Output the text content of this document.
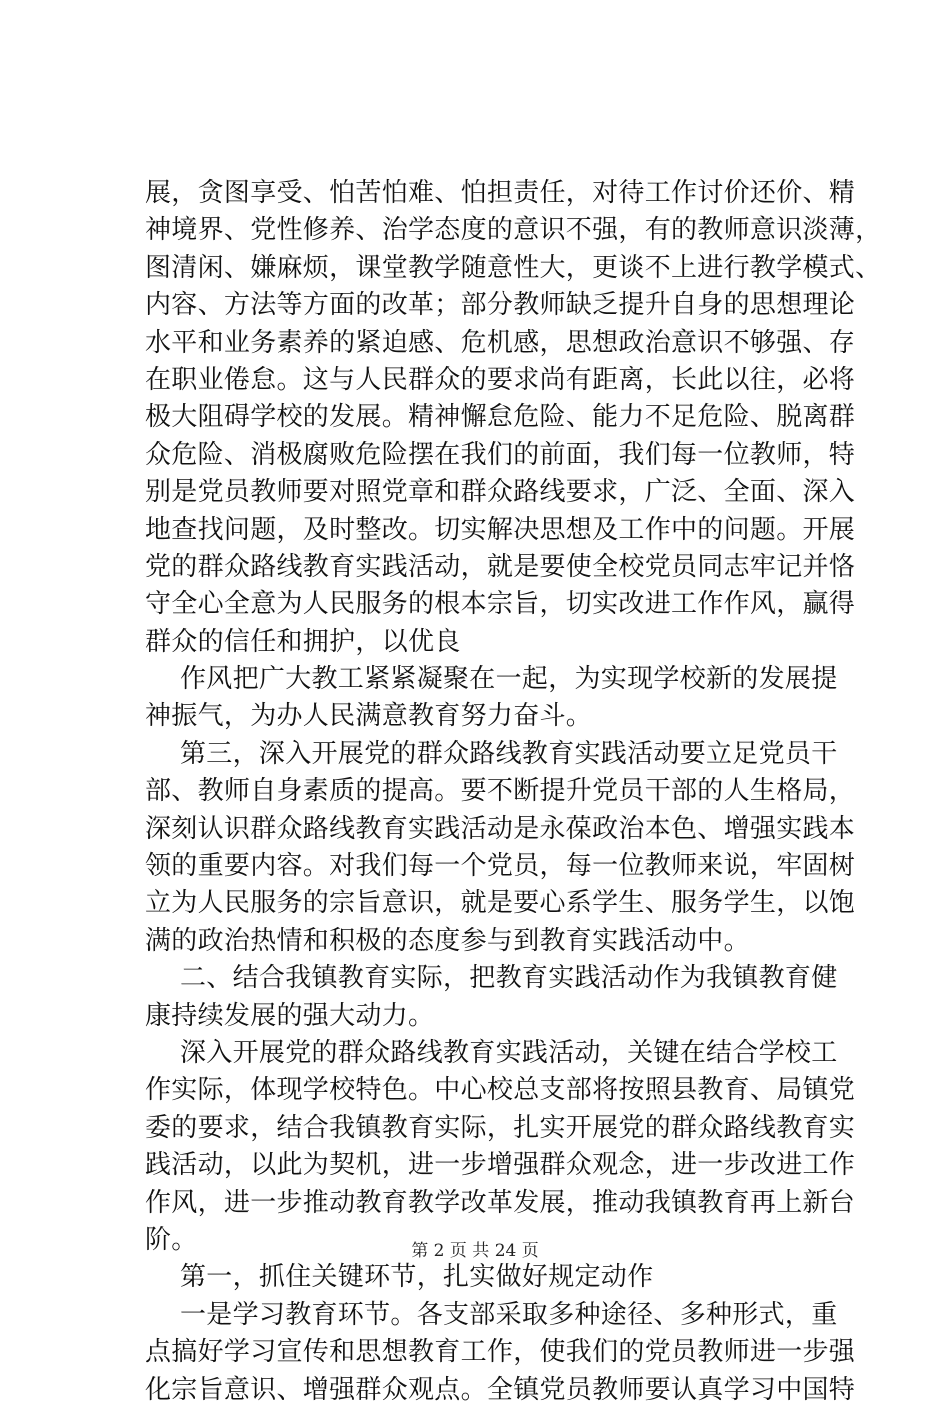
展，贪图享受、怕苦怕难、怕担责任，对待工作讨价还价、精
神境界、党性修养、治学态度的意识不强，有的教师意识淡薄，
图清闲、嫌麻烦，课堂教学随意性大，更谈不上进行教学模式、
内容、方法等方面的改革；部分教师缺乏提升自身的思想理论
水平和业务素养的紧迫感、危机感，思想政治意识不够强、存
在职业倦怠。这与人民群众的要求尚有距离，长此以往，必将
极大阻碍学校的发展。精神懈怠危险、能力不足危险、脱离群
众危险、消极腐败危险摆在我们的前面，我们每一位教师，特
别是党员教师要对照党章和群众路线要求，广泛、全面、深入
地查找问题，及时整改。切实解决思想及工作中的问题。开展
党的群众路线教育实践活动，就是要使全校党员同志牢记并恪
守全心全意为人民服务的根本宗旨，切实改进工作作风，赢得
群众的信任和拥护，以优良
作风把广大教工紧紧凝聚在一起，为实现学校新的发展提
神振气，为办人民满意教育努力奋斗。
第三，深入开展党的群众路线教育实践活动要立足党员干
部、教师自身素质的提高。要不断提升党员干部的人生格局，
深刻认识群众路线教育实践活动是永葆政治本色、增强实践本
领的重要内容。对我们每一个党员，每一位教师来说，牢固树
立为人民服务的宗旨意识，就是要心系学生、服务学生，以饱
满的政治热情和积极的态度参与到教育实践活动中。
二、结合我镇教育实际，把教育实践活动作为我镇教育健
康持续发展的强大动力。
深入开展党的群众路线教育实践活动，关键在结合学校工
作实际，体现学校特色。中心校总支部将按照县教育、局镇党
委的要求，结合我镇教育实际，扎实开展党的群众路线教育实
践活动，以此为契机，进一步增强群众观念，进一步改进工作
作风，进一步推动教育教学改革发展，推动我镇教育再上新台
阶。
第一，抓住关键环节，扎实做好规定动作
一是学习教育环节。各支部采取多种途径、多种形式，重
点搞好学习宣传和思想教育工作，使我们的党员教师进一步强
化宗旨意识、增强群众观点。全镇党员教师要认真学习中国特
第 2 页 共 24 页
